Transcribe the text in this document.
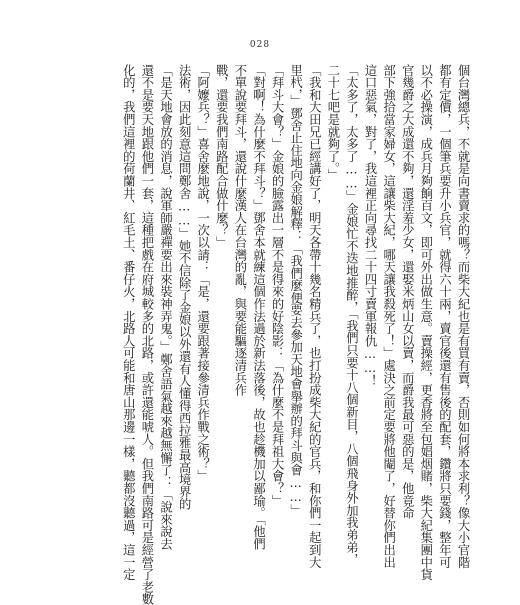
028
個台灣總兵，不就是向書賣求的嗎？而柴大紀也是有買有賣，否則如何將本求利？像大小官階
都有定價，一個筆兵要升小兵官，就得六十兩，賣官後還有售後的配套，鑽將只要錢，整年可
以不必操演，成兵月夠餉百文，即可外出做生意。賣操經，更香將至包娼烟賭，柴大紀集團中貨
官幾爵之大成還不夠，還淫羞少女，還娶米炳山女以賣，而爵我最可惡的是，他竟命
部下強拾當家婦女，這讓柴大紀，哪天讓我殺死了！」處決之前定要將他閹了，好替你們出出
這口惡氣，對了，我這裡正向尋找二十四寸賣軍報仇……！
「太多了，太多了……」金娘忙不迭地推醉，「我們只要十八個新目，八個飛身外加我弟弟，
二十七吧是就夠了。」
「我和大田兄已經講好了，明天各帶十幾名精兵了，也打扮成柴大紀的官兵，和你們一起到大
里杙，」鄧舍止住地向金娘解釋：「我們麼便要去參加天地會舉辦的拜斗與會……」
「拜斗大會？」金娘的臉露出一層不是得來的好陰影：「為什麼不是拜祖大會？」
「對啊！為什麼不拜斗？」鄧舍本就練這個作法過於新法落後，故也趁機加以鄙瑜。「他們
不單說要拜斗，還說什麼漢人在台灣的亂，與要能驅逐清兵作
戰，還要我們南路配合做什麼？」
「阿嬤兵？」喜舍麼地說，一次以請：「是，還要跟著接參清兵作戰之術？」
法術，因此刻意這問鄭舍……」她不信除了金娘以外還有人懂得西拉雅最高境界的
「是天地會放的消息，說軍師嚴禪要出來裝神弄鬼。」鄭舍語氣越來越無懈了：「說來說去
還不是要天地跟他們一套，這種把戲在府城較多的北路，或許還能唬人。但我們南路可是經營了老數
化的，我們這裡的荷蘭井、紅毛土、番仔火，北路人可能和唐山那邊一樣，聽都沒聽過，這一定
